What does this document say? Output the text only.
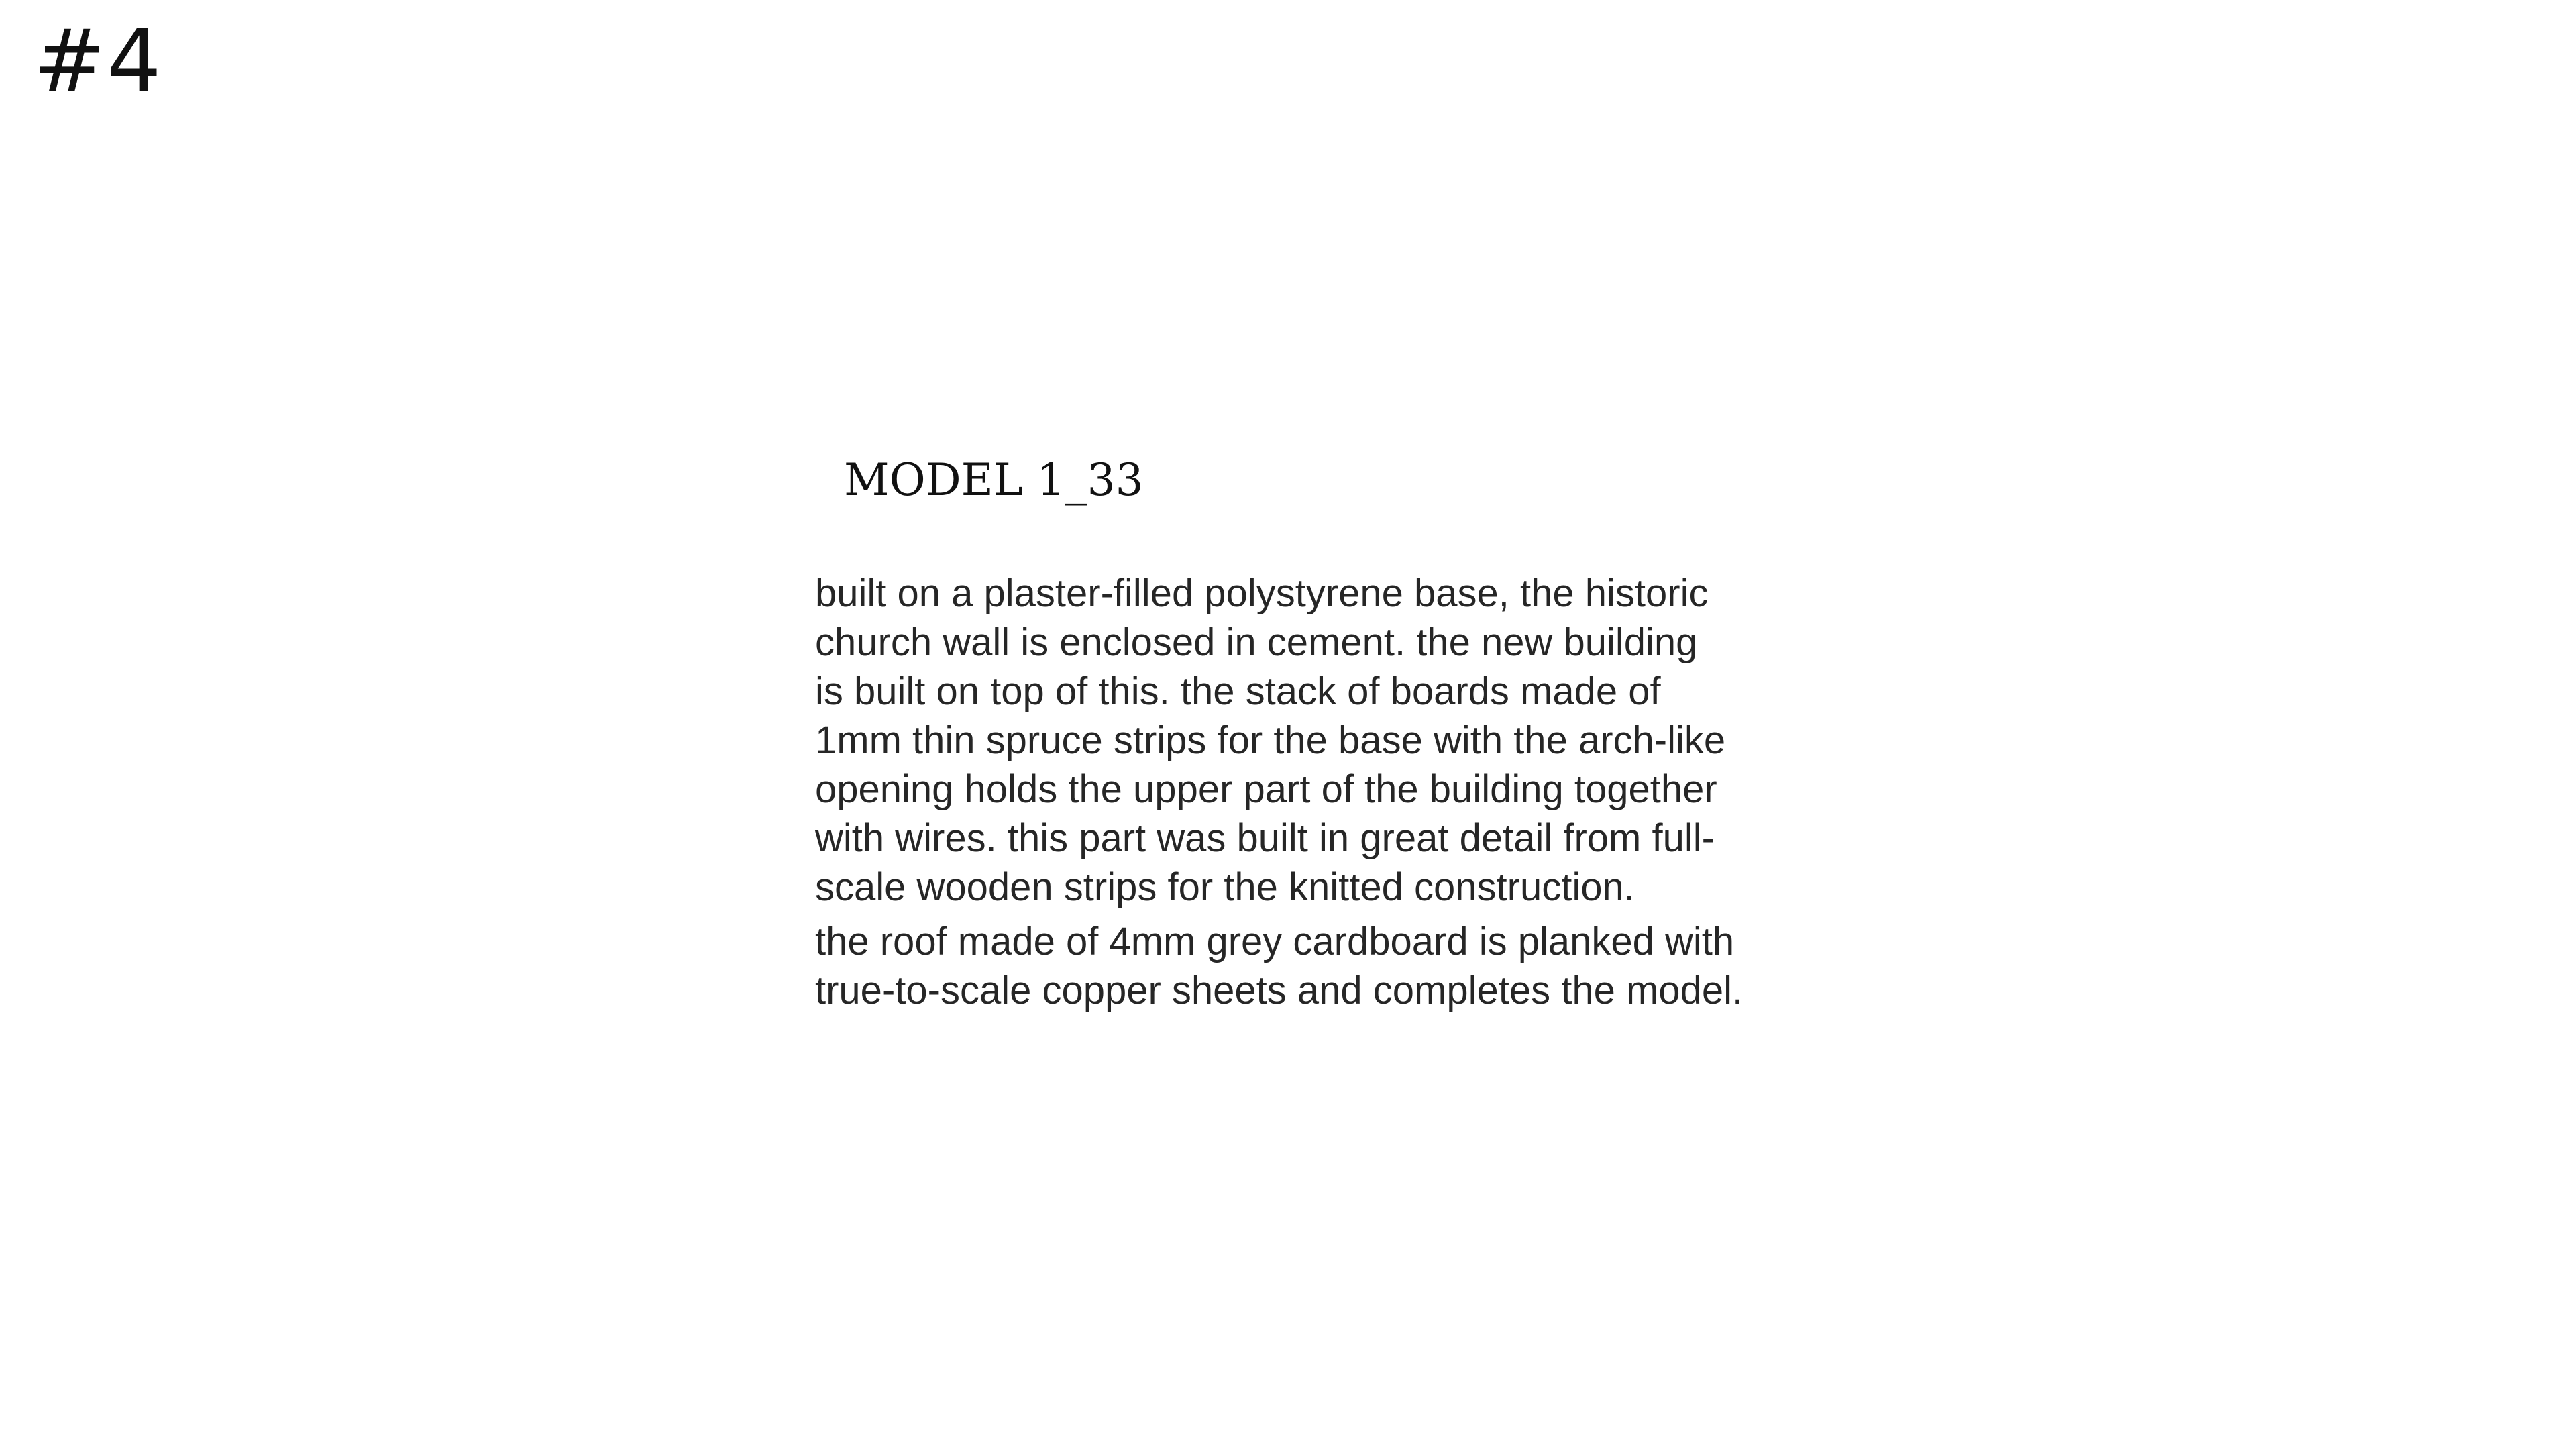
#4
MODEL 1_33
built on a plaster-filled polystyrene base, the historic
church wall is enclosed in cement. the new building
is built on top of this. the stack of boards made of
1mm thin spruce strips for the base with the arch-like
opening holds the upper part of the building together
with wires. this part was built in great detail from full-
scale wooden strips for the knitted construction.
the roof made of 4mm grey cardboard is planked with
true-to-scale copper sheets and completes the model.
